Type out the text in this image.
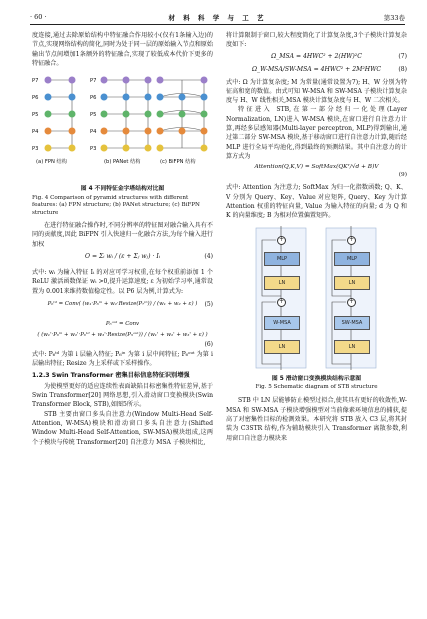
· 60 ·	材 料 科 学 与 工 艺	第33卷

度连接,通过去除原始结构中特征融合作用较小(仅有1条输入边)的节点,实现网络结构的简化,同时为处于同一层的原始输入节点和原始输出节点间增加1条额外的特征融合,实现了较低成本代价下更多的特征融合。

P7
P6
P5
P4
P3
P7
P6
P5
P4
P3
(a) FPN 结构	(b) PANet 结构	(c) BiFPN 结构
图 4 不同特征金字塔结构对比图
Fig. 4 Comparison of pyramid structures with different features: (a) FPN structure; (b) PANet structure; (c) BiFPN structure

在进行特征融合操作时,不同分辨率的特征图对融合输入具有不同的贡献度,因此 BiFPN 引入快速归一化融合方法,为每个输入进行加权

O = Σᵢ wᵢ / (ε + Σⱼ wⱼ) · Iᵢ	(4)

式中: wᵢ 为输入特征 Iᵢ 的对应可学习权重,在每个权重前添加 1 个 ReLU 激活函数保证 wᵢ >0,提升运算速度; ε 为初始学习率,通常设置为 0.001来维持数值稳定性。以 P6 层为例,计算式为:

P₆ᵗᵈ = Conv( (w₁·P₆ⁱⁿ + w₂·Resize(P₇ⁱⁿ)) / (w₁ + w₂ + ε) ) (5)
P₆ᵒᵘᵗ = Conv
( (w₁'·P₆ⁱⁿ + w₂'·P₆ᵗᵈ + w₃'·Resize(P₅ᵒᵘᵗ)) / (w₁' + w₂' + w₃' + ε) )
(6)

式中: P₆ᵗᵈ 为第 i 层输入特征; P₆ⁱⁿ 为第 i 层中间特征; P₆ᵒᵘᵗ 为第 i 层输出特征; Resize 为上采样或下采样操作。

1.2.3 Swin Transformer 密集目标信息特征识别增强

为使模型更好的适应连续性表面缺陷目标密集性特征差异,基于 Swin Transformer[20] 网络思想,引入滑动窗口变换模块(Swin Transformer Block, STB),如图5所示。

STB 主要由窗口多头自注意力(Window Multi-Head Self-Attention, W-MSA)模块和滑动窗口多头自注意力(Shifted Window Multi-Head Self-Attention, SW-MSA)模块组成,这两个子模块与传统 Transformer[20] 自注意力 MSA 子模块相比,

将计算限制于窗口,较大程度简化了计算复杂度,3个子模块计算复杂度如下:

Ω_MSA = 4HWC² + 2(HW)²C	(7)
Ω_W-MSA/SW-MSA = 4HWC² + 2M²HWC	(8)

式中: Ω 为计算复杂度; M 为常量(通常设置为7); H、W 分别为特征高和宽的数值。由式可知 W-MSA 和 SW-MSA 子模块计算复杂度与 H、W 线性相关,MSA 模块计算复杂度与 H、W 二次相关。

特征进入 STB,在第一部分经归一化处理(Layer Normalization, LN)进入 W-MSA 模块,在窗口进行自注意力计算,再经多层感知器(Multi-layer perceptron, MLP)得到输出,通过第二部分 SW-MSA 模块,基于移动窗口进行自注意力计算,随后经 MLP 进行全局平均池化,得到最终的预测结果。其中自注意力的计算方式为

Attention(Q,K,V) = SoftMax(QKᵀ/√d + B)V
(9)

式中: Attention 为注意力; SoftMax 为归一化指数函数; Q、K、V 分别为 Query、Key、Value 对应矩阵, Query、Key 为计算 Attention 权重的特征向量, Value 为输入特征的向量; d 为 Q 和 K 的向量维度; B 为相对位置偏置矩阵。

MLP
LN
W-MSA
LN
MLP
LN
SW-MSA
LN
+
+
+
+
图 5 滑动窗口变换模块结构示意图
Fig. 5 Schematic diagram of STB structure

STB 中 LN 层能够防止模型过拟合,使其具有更好的收敛性,W-MSA 和 SW-MSA 子模块增强模型对当前像素环境信息的捕获,提高了对密集性目标的检测效果。本研究将 STB 放入 C3 层,将其封装为 C3STR 结构,作为辅助模块引入 Transformer 离散参数,利用窗口自注意力模块来
